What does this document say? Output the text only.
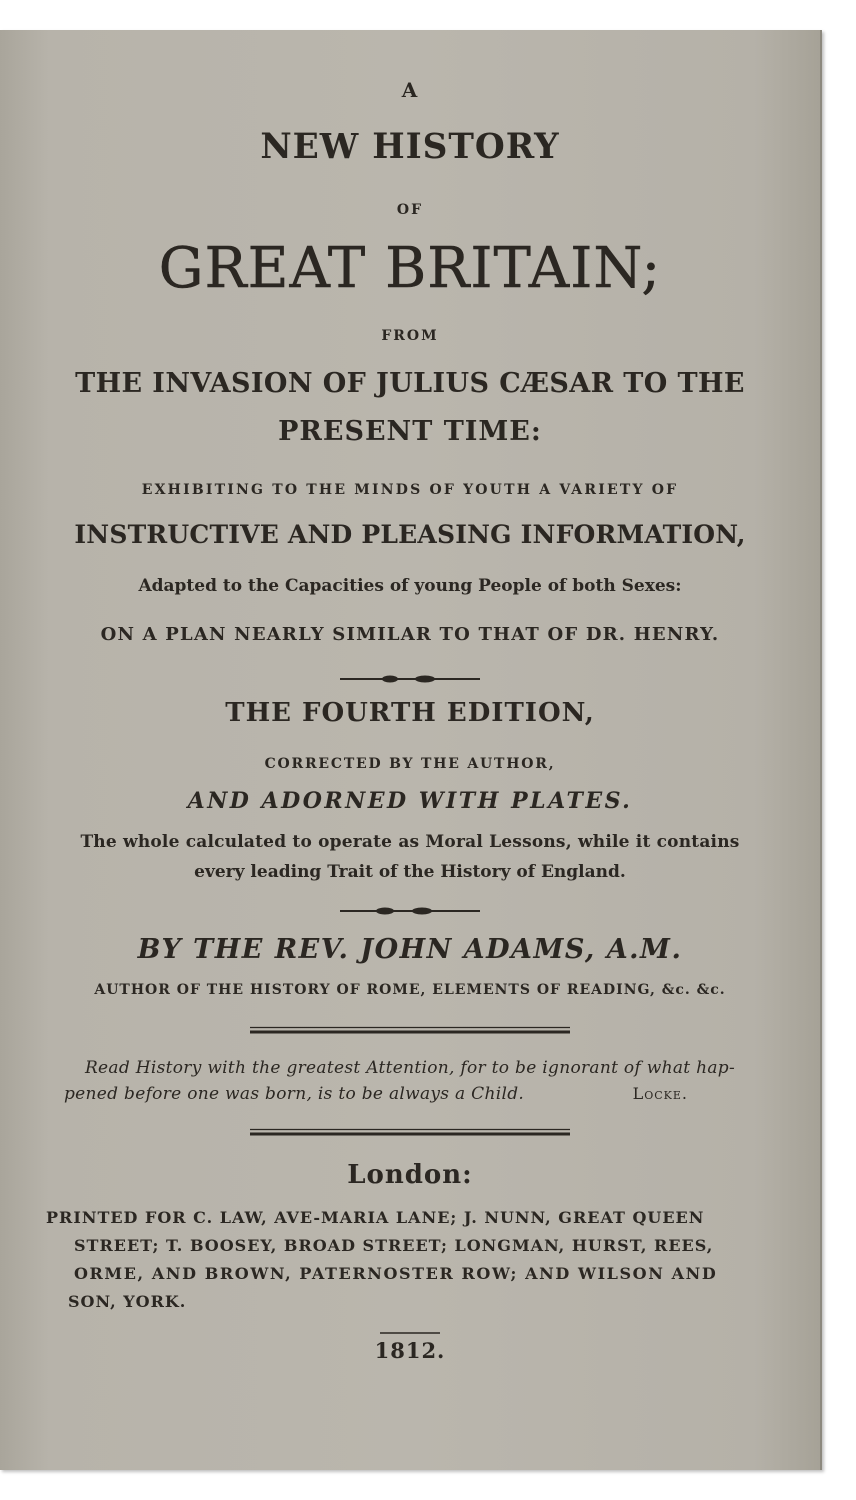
A
NEW HISTORY
OF
GREAT BRITAIN;
FROM
THE INVASION OF JULIUS CÆSAR TO THE
PRESENT TIME:
EXHIBITING TO THE MINDS OF YOUTH A VARIETY OF
INSTRUCTIVE AND PLEASING INFORMATION,
Adapted to the Capacities of young People of both Sexes:
ON A PLAN NEARLY SIMILAR TO THAT OF DR. HENRY.
THE FOURTH EDITION,
CORRECTED BY THE AUTHOR,
AND ADORNED WITH PLATES.
The whole calculated to operate as Moral Lessons, while it contains
every leading Trait of the History of England.
BY THE REV. JOHN ADAMS, A.M.
AUTHOR OF THE HISTORY OF ROME, ELEMENTS OF READING, &c. &c.
Read History with the greatest Attention, for to be ignorant of what hap-
pened before one was born, is to be always a Child.	Locke.
London:
PRINTED FOR C. LAW, AVE-MARIA LANE; J. NUNN, GREAT QUEEN
STREET; T. BOOSEY, BROAD STREET; LONGMAN, HURST, REES,
ORME, AND BROWN, PATERNOSTER ROW; AND WILSON AND
SON, YORK.
1812.
